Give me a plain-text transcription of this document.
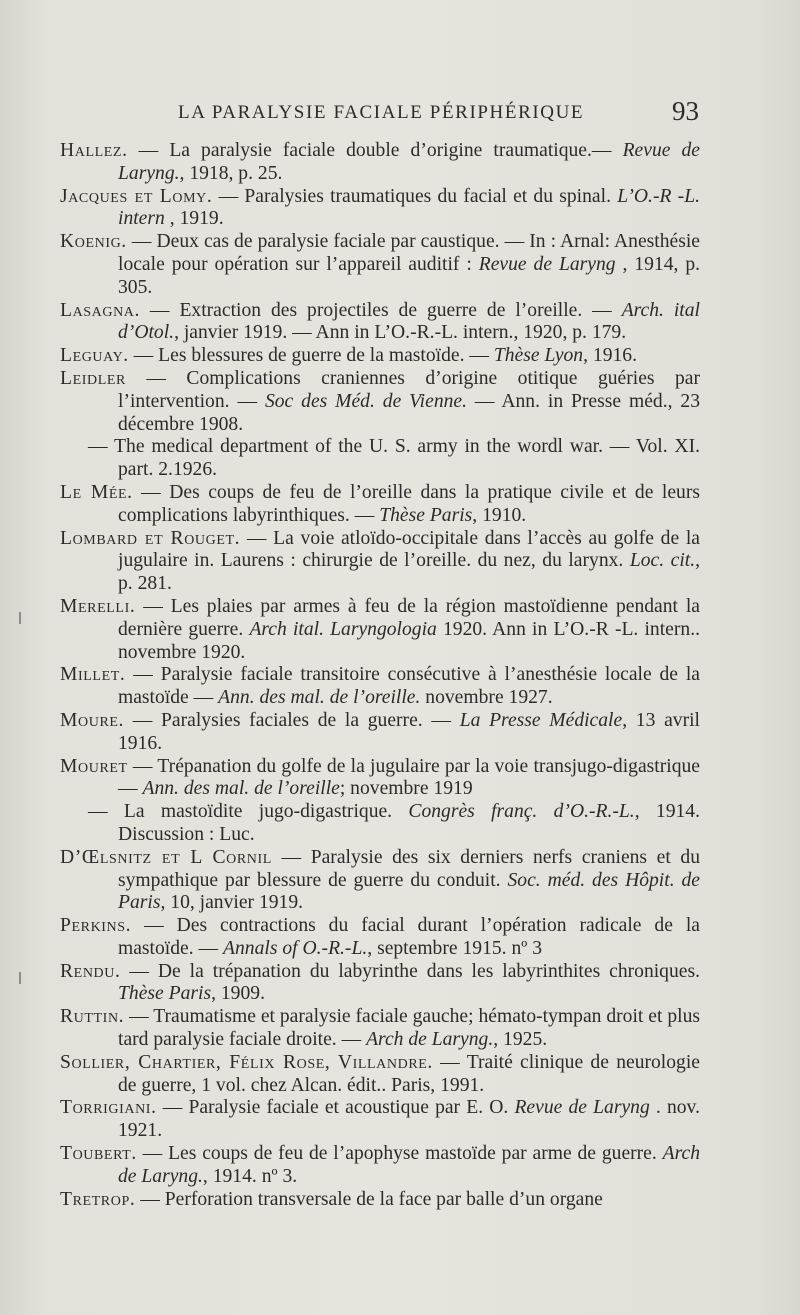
LA PARALYSIE FACIALE PÉRIPHÉRIQUE	93

Hallez. — La paralysie faciale double d’origine traumatique.— Revue de Laryng., 1918, p. 25.

Jacques et Lomy. — Paralysies traumatiques du facial et du spinal. L’O.-R -L. intern , 1919.

Koenig. — Deux cas de paralysie faciale par caustique. — In : Arnal: Anesthésie locale pour opération sur l’appareil auditif : Revue de Laryng , 1914, p. 305.

Lasagna. — Extraction des projectiles de guerre de l’oreille. — Arch. ital d’Otol., janvier 1919. — Ann in L’O.-R.-L. intern., 1920, p. 179.

Leguay. — Les blessures de guerre de la mastoïde. — Thèse Lyon, 1916.

Leidler — Complications craniennes d’origine otitique guéries par l’intervention. — Soc des Méd. de Vienne. — Ann. in Presse méd., 23 décembre 1908.

— The medical department of the U. S. army in the wordl war. — Vol. XI. part. 2.1926.

Le Mée. — Des coups de feu de l’oreille dans la pratique civile et de leurs complications labyrinthiques. — Thèse Paris, 1910.

Lombard et Rouget. — La voie atloïdo-occipitale dans l’accès au golfe de la jugulaire in. Laurens : chirurgie de l’oreille. du nez, du larynx. Loc. cit., p. 281.

Merelli. — Les plaies par armes à feu de la région mastoïdienne pendant la dernière guerre. Arch ital. Laryngologia 1920. Ann in L’O.-R -L. intern.. novembre 1920.

Millet. — Paralysie faciale transitoire consécutive à l’anesthésie locale de la mastoïde — Ann. des mal. de l’oreille. novembre 1927.

Moure. — Paralysies faciales de la guerre. — La Presse Médicale, 13 avril 1916.

Mouret — Trépanation du golfe de la jugulaire par la voie transjugo-digastrique — Ann. des mal. de l’oreille; novembre 1919

— La mastoïdite jugo-digastrique. Congrès franç. d’O.-R.-L., 1914. Discussion : Luc.

D’Œlsnitz et L Cornil — Paralysie des six derniers nerfs craniens et du sympathique par blessure de guerre du conduit. Soc. méd. des Hôpit. de Paris, 10, janvier 1919.

Perkins. — Des contractions du facial durant l’opération radicale de la mastoïde. — Annals of O.-R.-L., septembre 1915. nº 3

Rendu. — De la trépanation du labyrinthe dans les labyrinthites chroniques. Thèse Paris, 1909.

Ruttin. — Traumatisme et paralysie faciale gauche; hémato-tympan droit et plus tard paralysie faciale droite. — Arch de Laryng., 1925.

Sollier, Chartier, Félix Rose, Villandre. — Traité clinique de neurologie de guerre, 1 vol. chez Alcan. édit.. Paris, 1991.

Torrigiani. — Paralysie faciale et acoustique par E. O. Revue de Laryng . nov. 1921.

Toubert. — Les coups de feu de l’apophyse mastoïde par arme de guerre. Arch de Laryng., 1914. nº 3.

Tretrop. — Perforation transversale de la face par balle d’un organe
